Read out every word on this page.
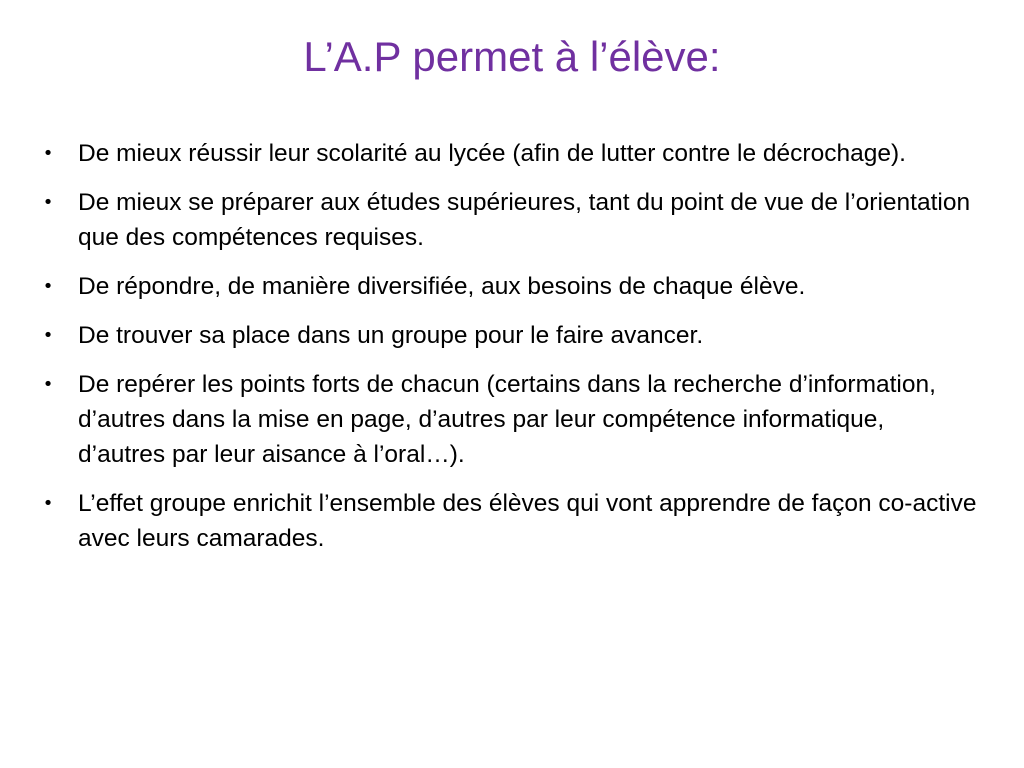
L’A.P permet à l’élève:
• De mieux réussir leur scolarité au lycée (afin de lutter contre le décrochage).
• De mieux se préparer aux études supérieures, tant du point de vue de l’orientation que des compétences requises.
• De répondre, de manière diversifiée, aux besoins de chaque élève.
• De trouver sa place dans un groupe pour le faire avancer.
• De repérer les points forts de chacun (certains dans la recherche d’information, d’autres dans la mise en page, d’autres par leur compétence informatique, d’autres par leur aisance à l’oral…).
• L’effet groupe enrichit l’ensemble des élèves qui vont apprendre de façon co-active avec leurs camarades.
